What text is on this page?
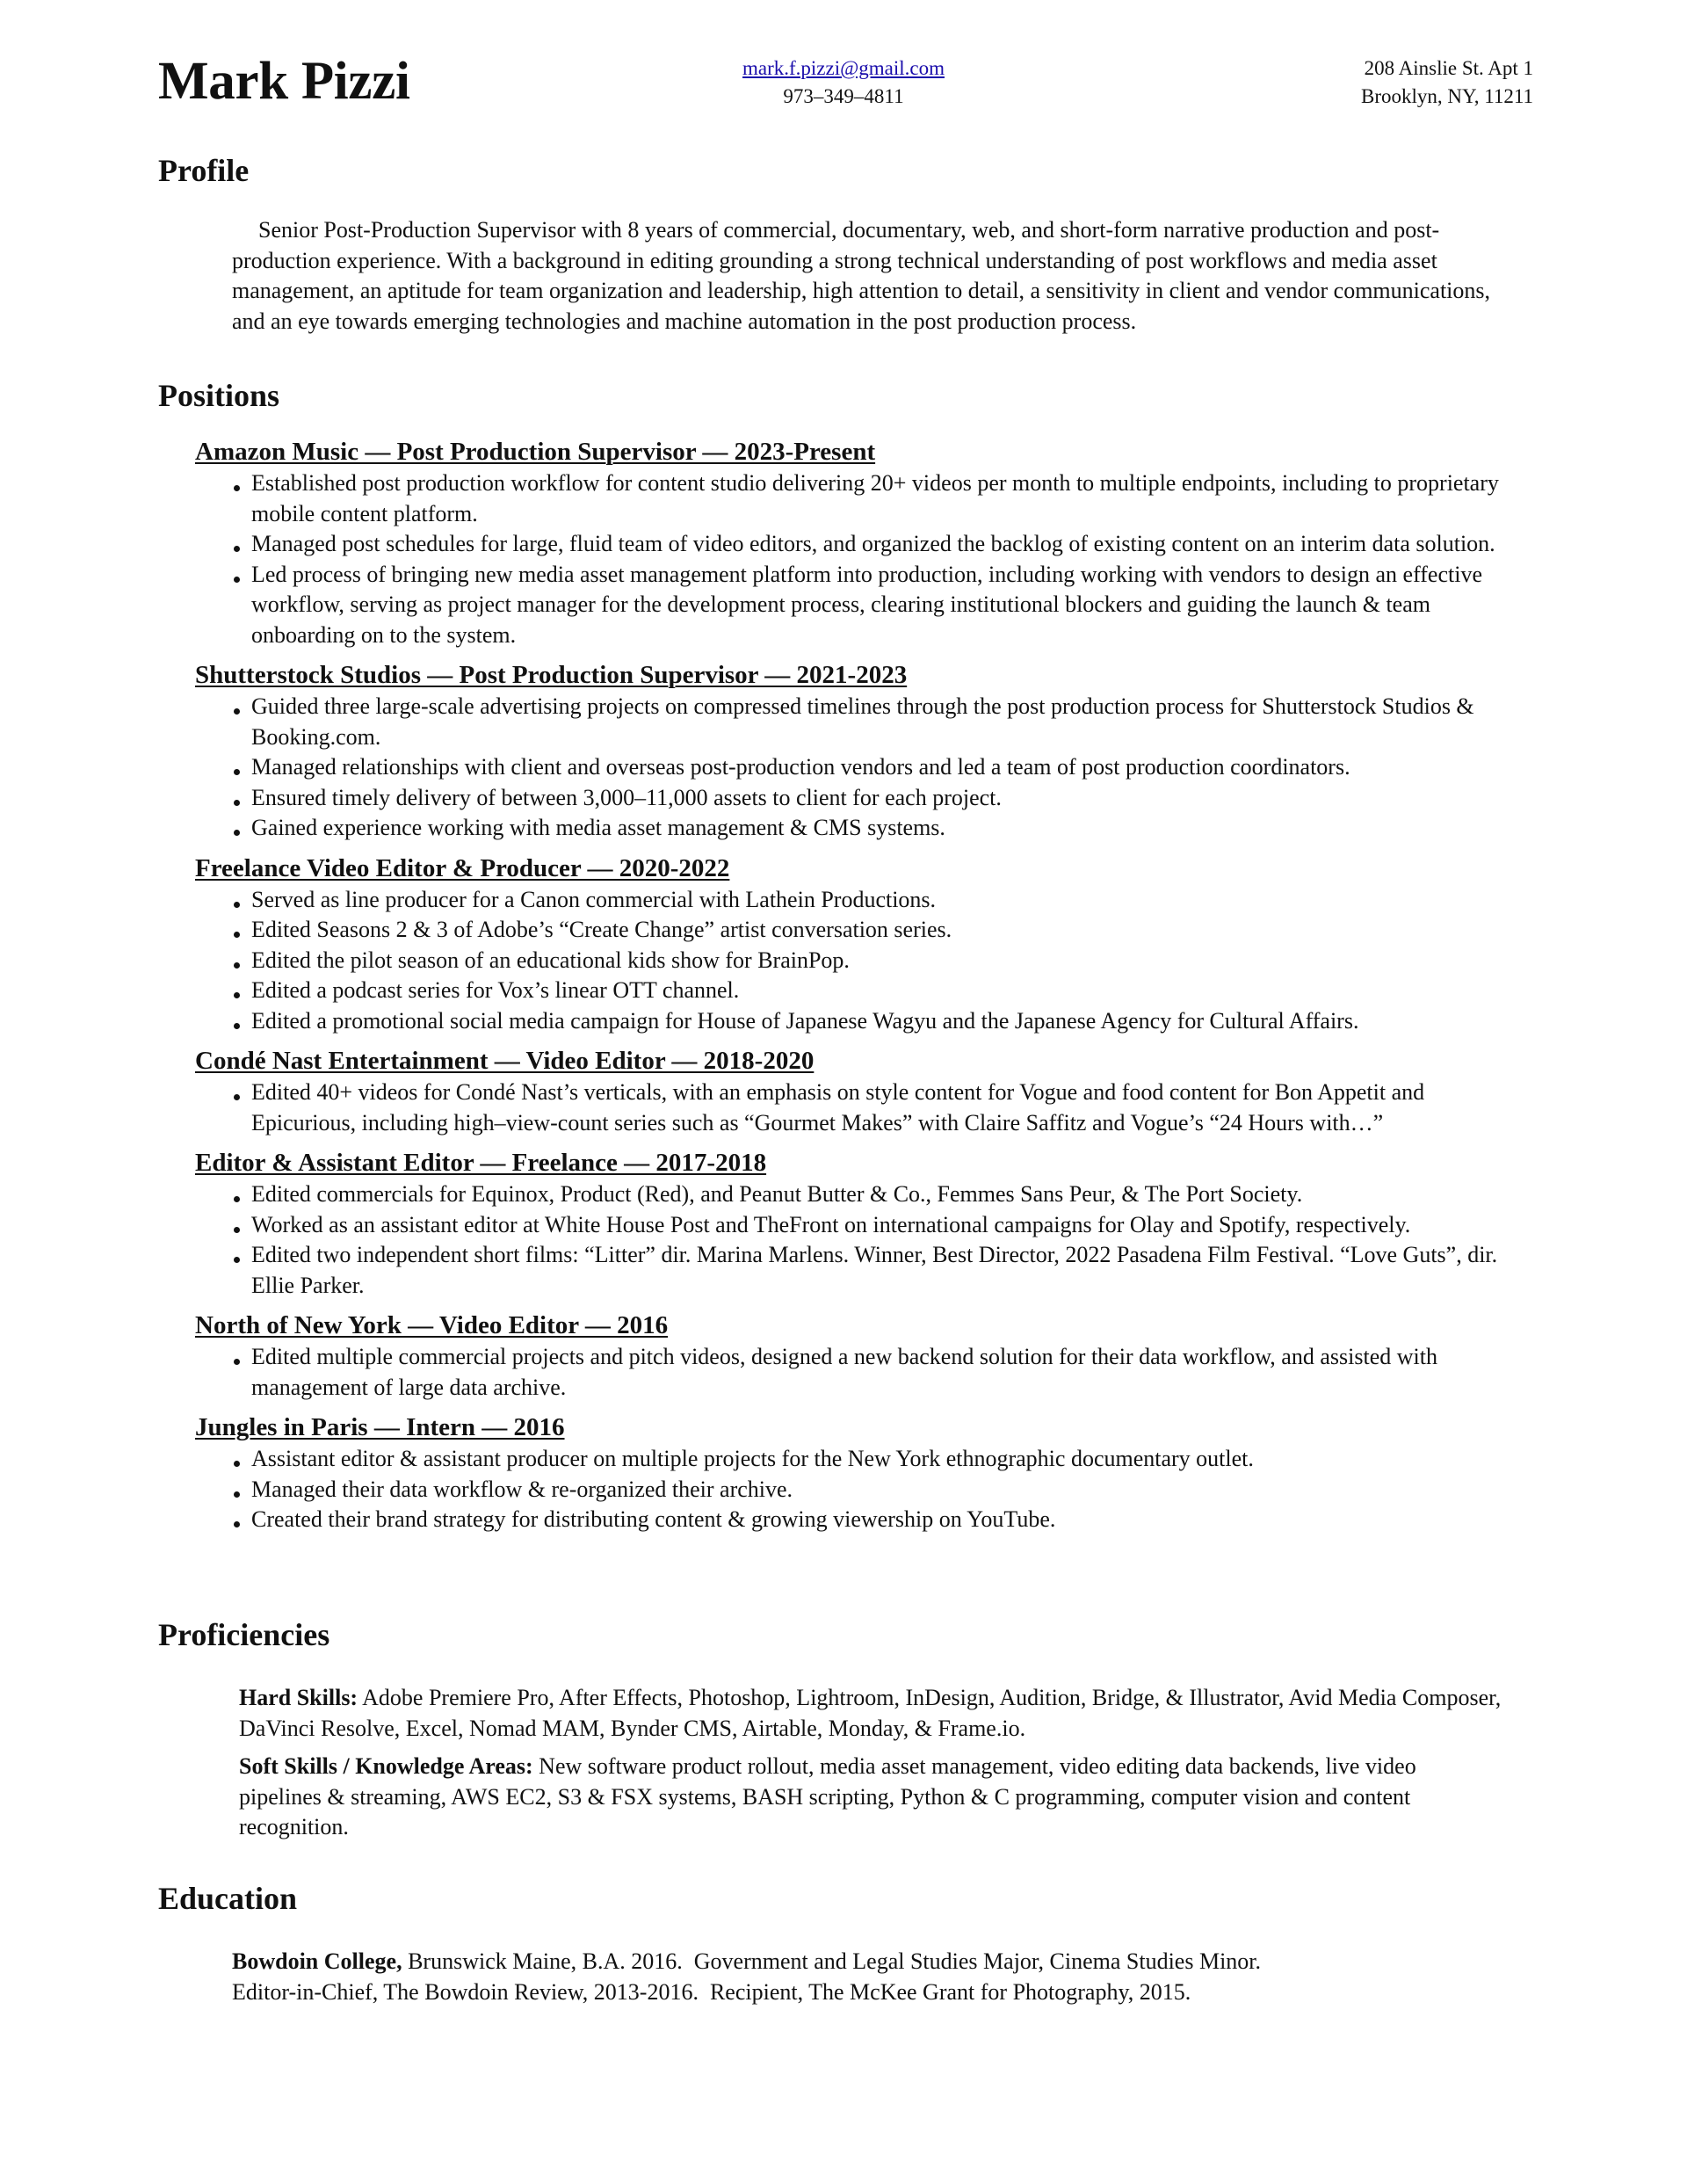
Mark Pizzi	mark.f.pizzi@gmail.com
973–349–4811
208 Ainslie St. Apt 1
Brooklyn, NY, 11211
Profile

Senior Post-Production Supervisor with 8 years of commercial, documentary, web, and short-form narrative production and post-production experience. With a background in editing grounding a strong technical understanding of post workflows and media asset management, an aptitude for team organization and leadership, high attention to detail, a sensitivity in client and vendor communications, and an eye towards emerging technologies and machine automation in the post production process.

Positions
Amazon Music — Post Production Supervisor — 2023-Present
Established post production workflow for content studio delivering 20+ videos per month to multiple endpoints, including to proprietary mobile content platform.
Managed post schedules for large, fluid team of video editors, and organized the backlog of existing content on an interim data solution.
Led process of bringing new media asset management platform into production, including working with vendors to design an effective workflow, serving as project manager for the development process, clearing institutional blockers and guiding the launch & team onboarding on to the system.
Shutterstock Studios — Post Production Supervisor — 2021-2023
Guided three large-scale advertising projects on compressed timelines through the post production process for Shutterstock Studios & Booking.com.
Managed relationships with client and overseas post-production vendors and led a team of post production coordinators.
Ensured timely delivery of between 3,000–11,000 assets to client for each project.
Gained experience working with media asset management & CMS systems.
Freelance Video Editor & Producer — 2020-2022
Served as line producer for a Canon commercial with Lathein Productions.
Edited Seasons 2 & 3 of Adobe’s “Create Change” artist conversation series.
Edited the pilot season of an educational kids show for BrainPop.
Edited a podcast series for Vox’s linear OTT channel.
Edited a promotional social media campaign for House of Japanese Wagyu and the Japanese Agency for Cultural Affairs.
Condé Nast Entertainment — Video Editor — 2018-2020
Edited 40+ videos for Condé Nast’s verticals, with an emphasis on style content for Vogue and food content for Bon Appetit and Epicurious, including high–view-count series such as “Gourmet Makes” with Claire Saffitz and Vogue’s “24 Hours with…”
Editor & Assistant Editor — Freelance — 2017-2018
Edited commercials for Equinox, Product (Red), and Peanut Butter & Co., Femmes Sans Peur, & The Port Society.
Worked as an assistant editor at White House Post and TheFront on international campaigns for Olay and Spotify, respectively.
Edited two independent short films: “Litter” dir. Marina Marlens. Winner, Best Director, 2022 Pasadena Film Festival. “Love Guts”, dir. Ellie Parker.
North of New York — Video Editor — 2016
Edited multiple commercial projects and pitch videos, designed a new backend solution for their data workflow, and assisted with management of large data archive.
Jungles in Paris — Intern — 2016
Assistant editor & assistant producer on multiple projects for the New York ethnographic documentary outlet.
Managed their data workflow & re-organized their archive.
Created their brand strategy for distributing content & growing viewership on YouTube.
Proficiencies

Hard Skills: Adobe Premiere Pro, After Effects, Photoshop, Lightroom, InDesign, Audition, Bridge, & Illustrator, Avid Media Composer, DaVinci Resolve, Excel, Nomad MAM, Bynder CMS, Airtable, Monday, & Frame.io.

Soft Skills / Knowledge Areas: New software product rollout, media asset management, video editing data backends, live video pipelines & streaming, AWS EC2, S3 & FSX systems, BASH scripting, Python & C programming, computer vision and content recognition.

Education

Bowdoin College, Brunswick Maine, B.A. 2016.  Government and Legal Studies Major, Cinema Studies Minor.

Editor-in-Chief, The Bowdoin Review, 2013-2016.  Recipient, The McKee Grant for Photography, 2015.
